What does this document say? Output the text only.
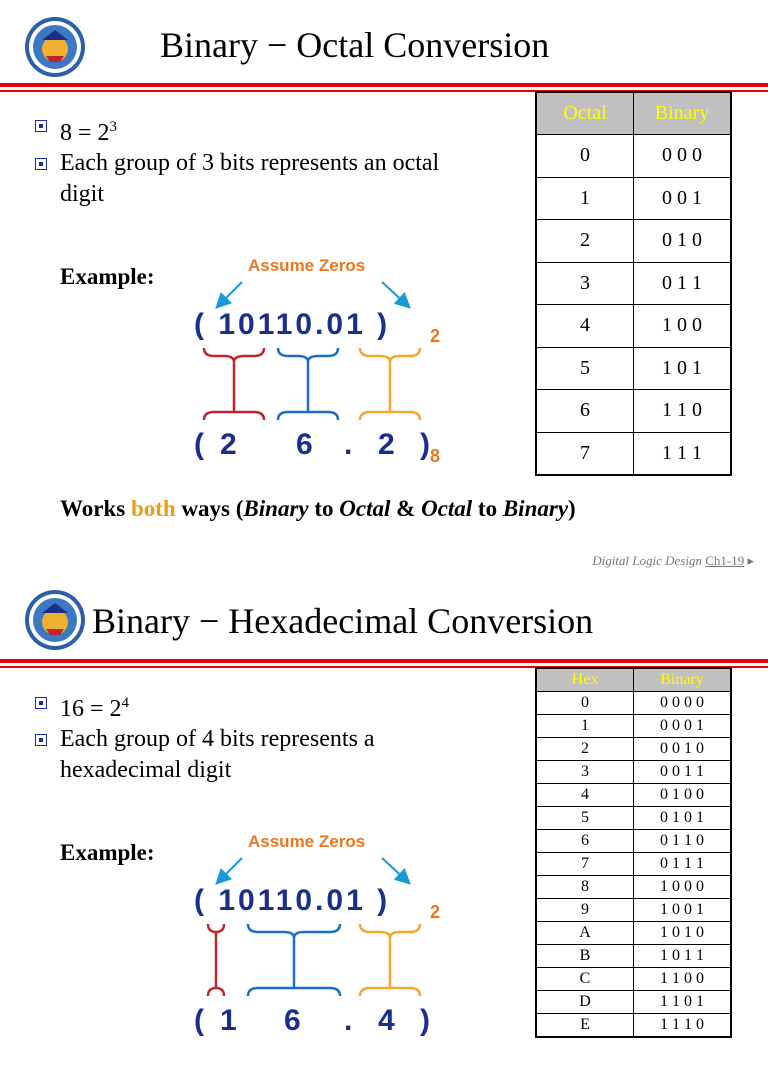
Binary − Octal Conversion
$8 = 2^3$
Each group of 3 bits represents an octal
digit
Example:	Assume Zeros
( 10110.01 ) 2
( 2 6 . 2 )
8
Octal	Binary
0	0 0 0
1	0 0 1
2	0 1 0
3	0 1 1
4	1 0 0
5	1 0 1
6	1 1 0
7	1 1 1
Works both ways (Binary to Octal & Octal to Binary)
Digital Logic Design Ch1-19 ▸
Binary − Hexadecimal Conversion
$16 = 2^4$
Each group of 4 bits represents a
hexadecimal digit
Example:	Assume Zeros
( 10110.01 ) 2
( 1 6 . 4 )
Hex	Binary
0	0 0 0 0
1	0 0 0 1
2	0 0 1 0
3	0 0 1 1
4	0 1 0 0
5	0 1 0 1
6	0 1 1 0
7	0 1 1 1
8	1 0 0 0
9	1 0 0 1
A	1 0 1 0
B	1 0 1 1
C	1 1 0 0
D	1 1 0 1
E	1 1 1 0
